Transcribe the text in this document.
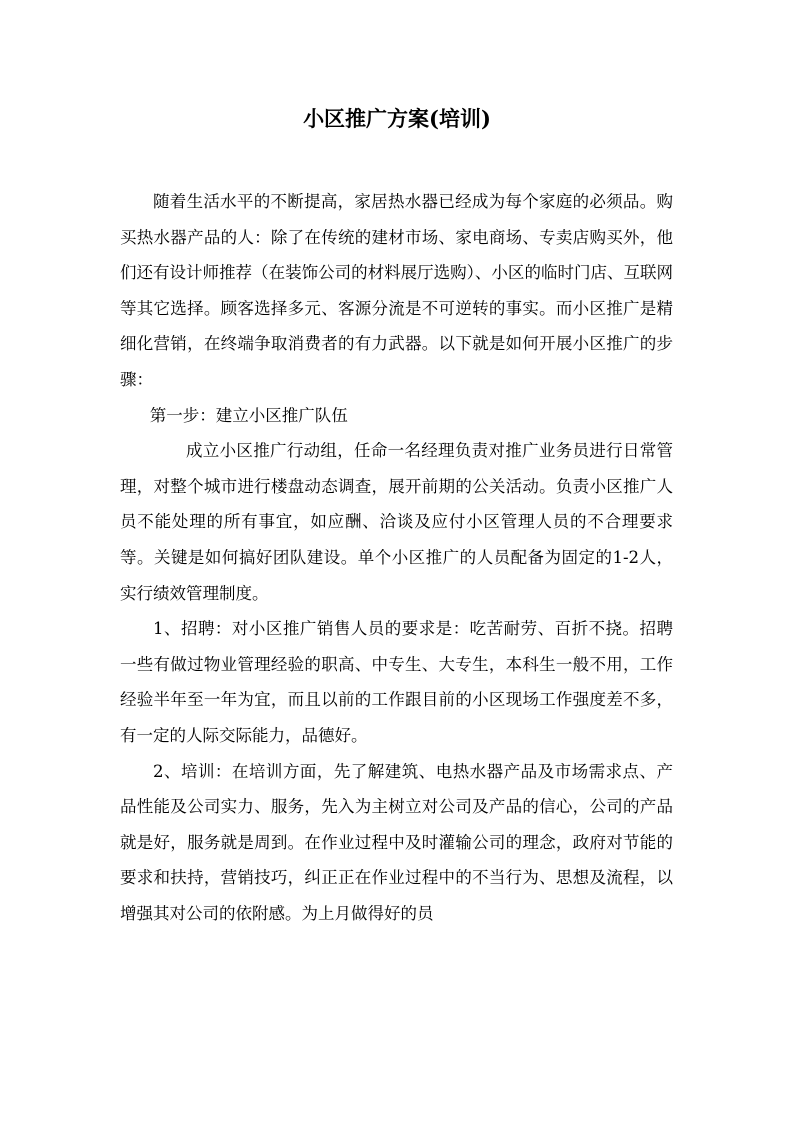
小区推广方案(培训)

随着生活水平的不断提高，家居热水器已经成为每个家庭的必须品。购买热水器产品的人：除了在传统的建材市场、家电商场、专卖店购买外，他们还有设计师推荐（在装饰公司的材料展厅选购）、小区的临时门店、互联网等其它选择。顾客选择多元、客源分流是不可逆转的事实。而小区推广是精细化营销，在终端争取消费者的有力武器。以下就是如何开展小区推广的步骤：

第一步：建立小区推广队伍

成立小区推广行动组，任命一名经理负责对推广业务员进行日常管理，对整个城市进行楼盘动态调查，展开前期的公关活动。负责小区推广人员不能处理的所有事宜，如应酬、洽谈及应付小区管理人员的不合理要求等。关键是如何搞好团队建设。单个小区推广的人员配备为固定的1-2人，实行绩效管理制度。

1、招聘：对小区推广销售人员的要求是：吃苦耐劳、百折不挠。招聘一些有做过物业管理经验的职高、中专生、大专生，本科生一般不用，工作经验半年至一年为宜，而且以前的工作跟目前的小区现场工作强度差不多，有一定的人际交际能力，品德好。

2、培训：在培训方面，先了解建筑、电热水器产品及市场需求点、产品性能及公司实力、服务，先入为主树立对公司及产品的信心，公司的产品就是好，服务就是周到。在作业过程中及时灌输公司的理念，政府对节能的要求和扶持，营销技巧，纠正正在作业过程中的不当行为、思想及流程，以增强其对公司的依附感。为上月做得好的员
